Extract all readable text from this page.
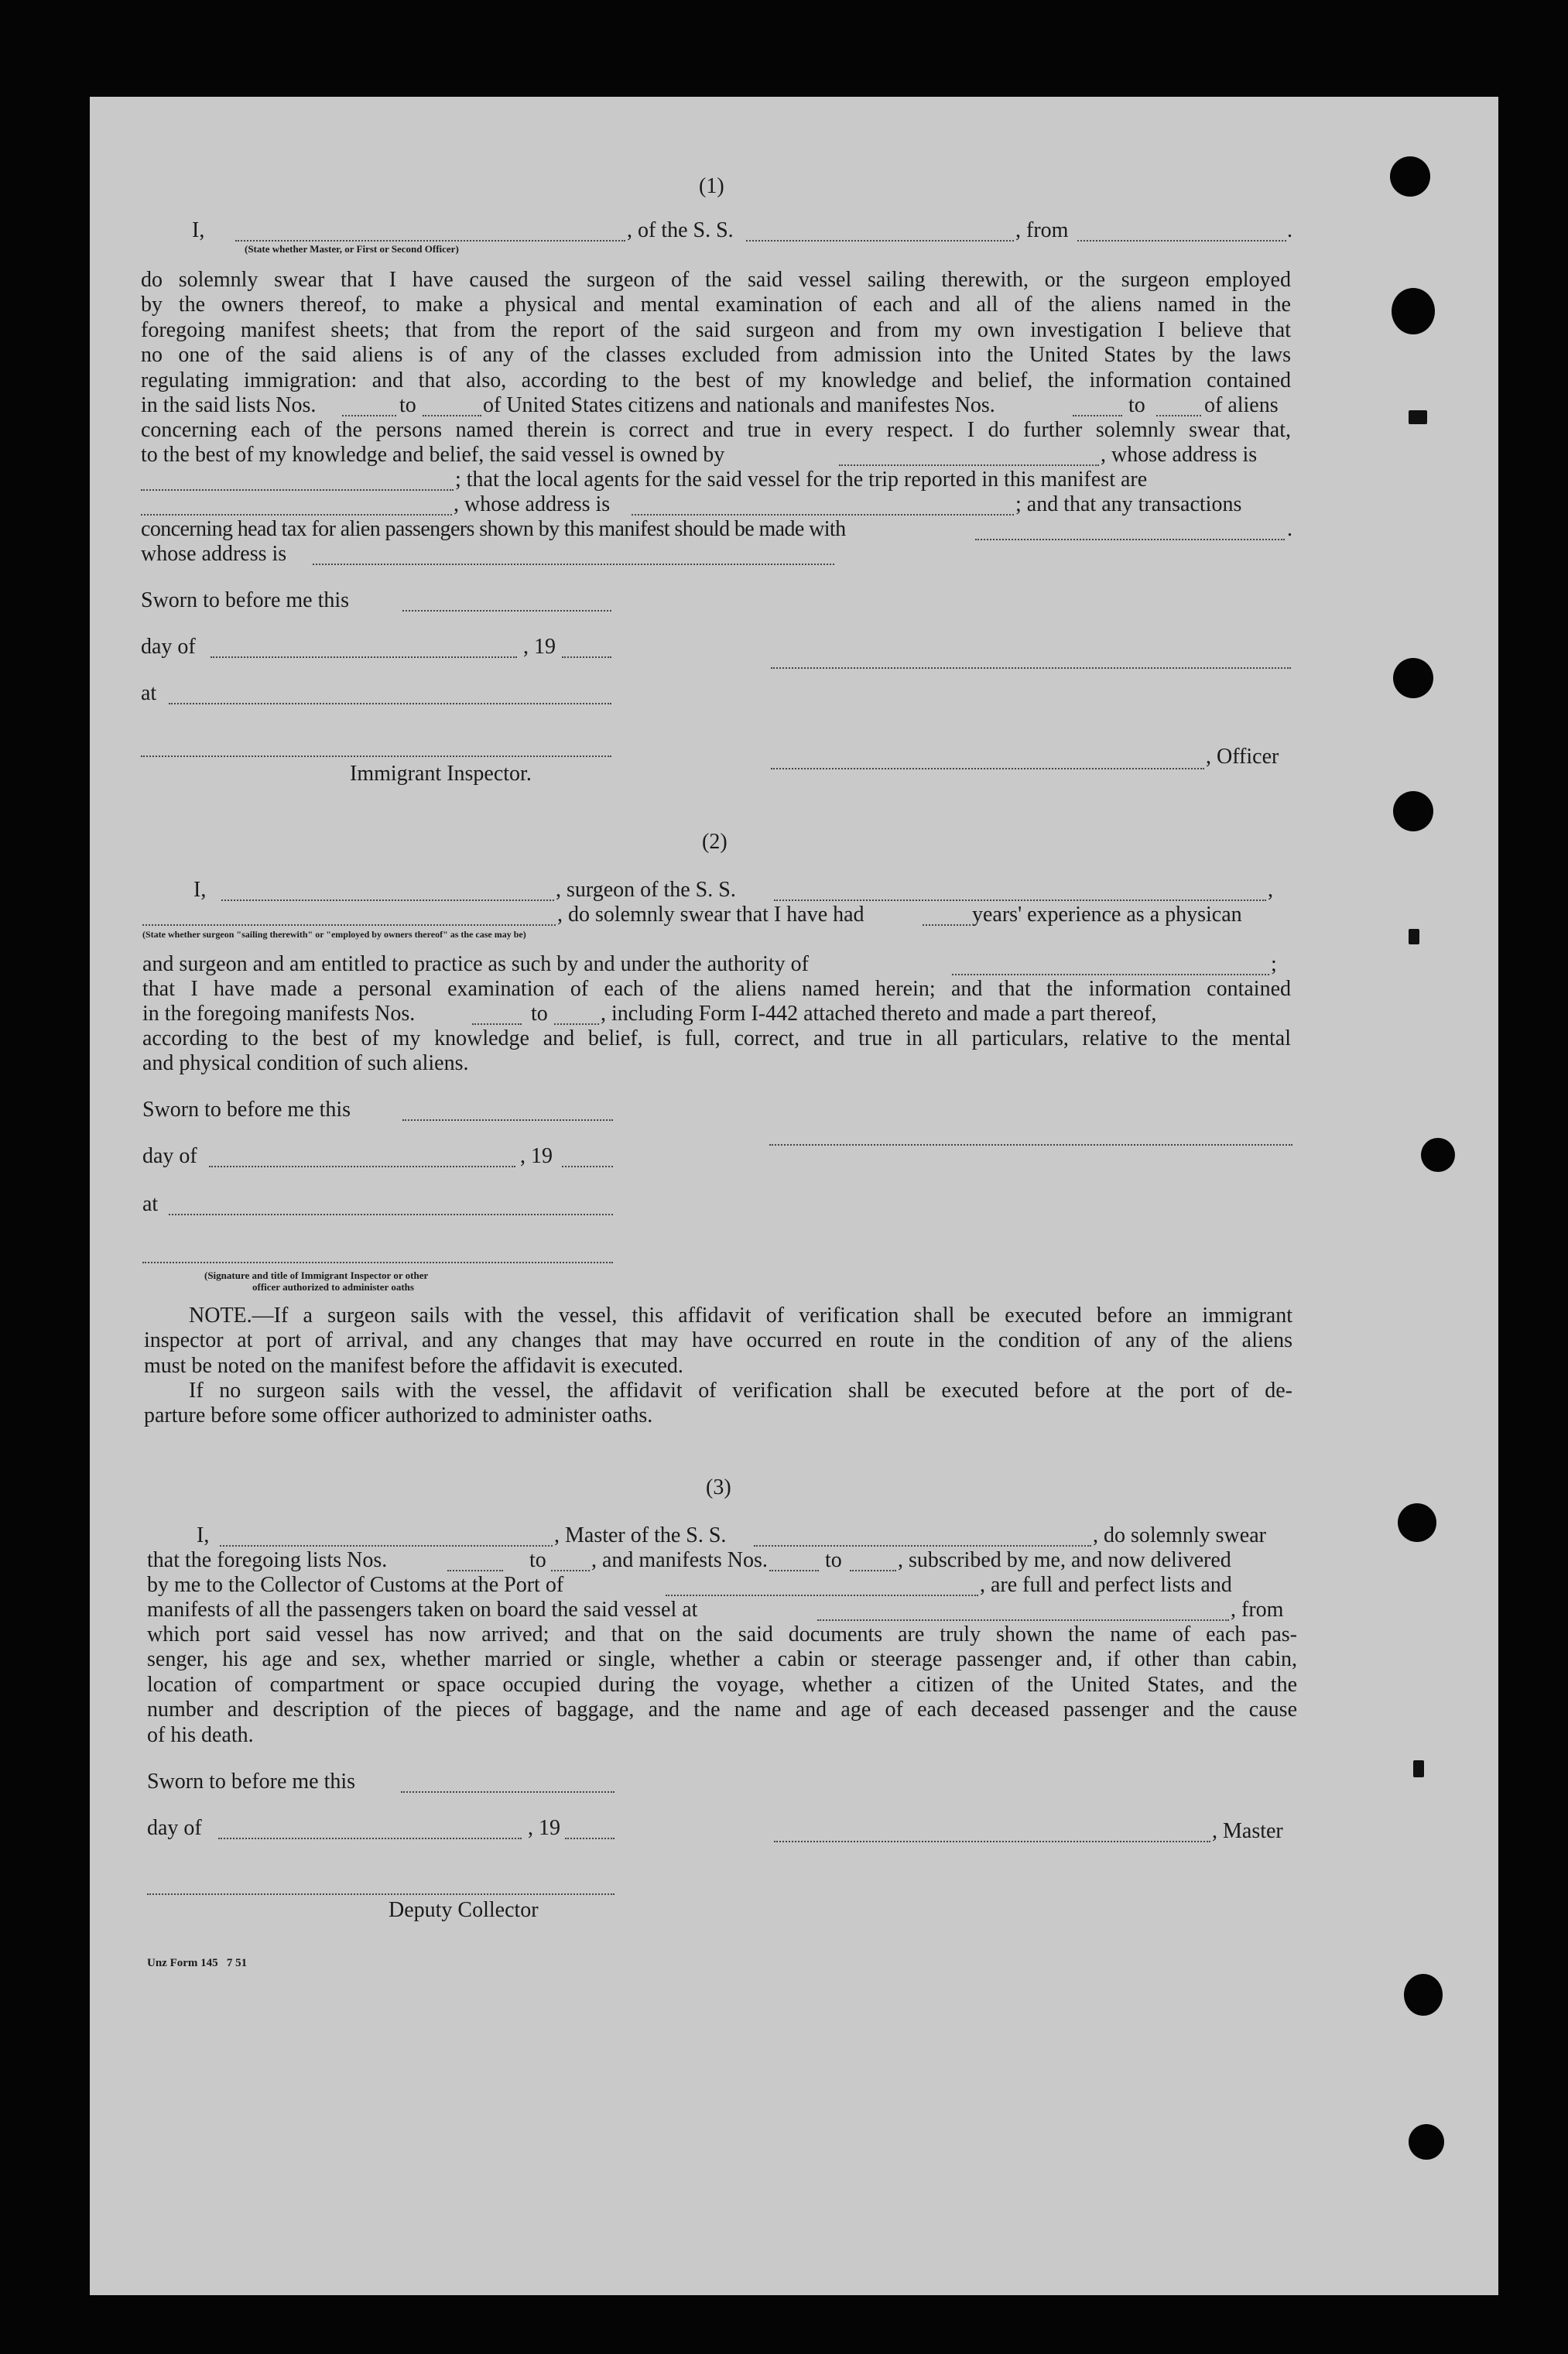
(1)
I,	, of the S. S.	, from	.
(State whether Master, or First or Second Officer)
do solemnly swear that I have caused the surgeon of the said vessel sailing therewith, or the surgeon employed
by the owners thereof, to make a physical and mental examination of each and all of the aliens named in the
foregoing manifest sheets; that from the report of the said surgeon and from my own investigation I believe that
no one of the said aliens is of any of the classes excluded from admission into the United States by the laws
regulating immigration: and that also, according to the best of my knowledge and belief, the information contained
in the said lists Nos.	to	of United States citizens and nationals and manifestes Nos.	to	of aliens
concerning each of the persons named therein is correct and true in every respect. I do further solemnly swear that,
to the best of my knowledge and belief, the said vessel is owned by	, whose address is
; that the local agents for the said vessel for the trip reported in this manifest are
, whose address is	; and that any transactions
concerning head tax for alien passengers shown by this manifest should be made with	.
whose address is
Sworn to before me this
day of	, 19
at
, Officer
Immigrant Inspector.
(2)
I,	, surgeon of the S. S.	,
, do solemnly swear that I have had	years' experience as a physican
(State whether surgeon "sailing therewith" or "employed by owners thereof" as the case may be)
and surgeon and am entitled to practice as such by and under the authority of	;
that I have made a personal examination of each of the aliens named herein; and that the information contained
in the foregoing manifests Nos.	to , including Form I-442 attached thereto and made a part thereof,
according to the best of my knowledge and belief, is full, correct, and true in all particulars, relative to the mental
and physical condition of such aliens.
Sworn to before me this
day of	, 19
at
(Signature and title of Immigrant Inspector or other
officer authorized to administer oaths
NOTE.—If a surgeon sails with the vessel, this affidavit of verification shall be executed before an immigrant
inspector at port of arrival, and any changes that may have occurred en route in the condition of any of the aliens
must be noted on the manifest before the affidavit is executed.
If no surgeon sails with the vessel, the affidavit of verification shall be executed before at the port of de-
parture before some officer authorized to administer oaths.
(3)
I,	, Master of the S. S.	, do solemnly swear
that the foregoing lists Nos.	to , and manifests Nos.	to	, subscribed by me, and now delivered
by me to the Collector of Customs at the Port of	, are full and perfect lists and
manifests of all the passengers taken on board the said vessel at	, from
which port said vessel has now arrived; and that on the said documents are truly shown the name of each pas-
senger, his age and sex, whether married or single, whether a cabin or steerage passenger and, if other than cabin,
location of compartment or space occupied during the voyage, whether a citizen of the United States, and the
number and description of the pieces of baggage, and the name and age of each deceased passenger and the cause
of his death.
Sworn to before me this
day of	, 19	, Master
Deputy Collector
Unz Form 145   7 51
